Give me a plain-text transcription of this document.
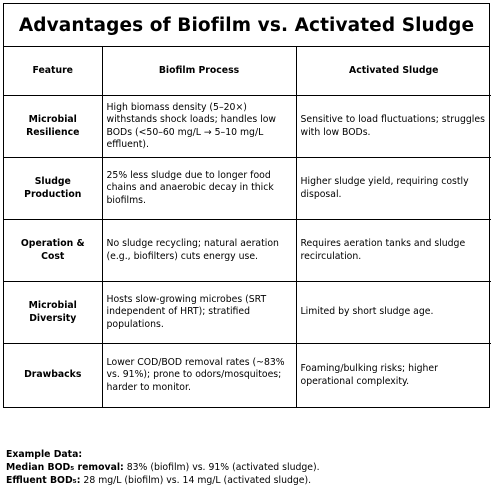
Advantages of Biofilm vs. Activated Sludge
Feature	Biofilm Process	Activated Sludge
Microbial Resilience	High biomass density (5–20×) withstands shock loads; handles low BODs (<50–60 mg/L → 5–10 mg/L effluent).	Sensitive to load fluctuations; struggles with low BODs.
Sludge Production	25% less sludge due to longer food chains and anaerobic decay in thick biofilms.	Higher sludge yield, requiring costly disposal.
Operation & Cost	No sludge recycling; natural aeration (e.g., biofilters) cuts energy use.	Requires aeration tanks and sludge recirculation.
Microbial Diversity	Hosts slow-growing microbes (SRT independent of HRT); stratified populations.	Limited by short sludge age.
Drawbacks	Lower COD/BOD removal rates (~83% vs. 91%); prone to odors/mosquitoes; harder to monitor.	Foaming/bulking risks; higher operational complexity.
Example Data:
Median BOD₅ removal: 83% (biofilm) vs. 91% (activated sludge).
Effluent BOD₅: 28 mg/L (biofilm) vs. 14 mg/L (activated sludge).
